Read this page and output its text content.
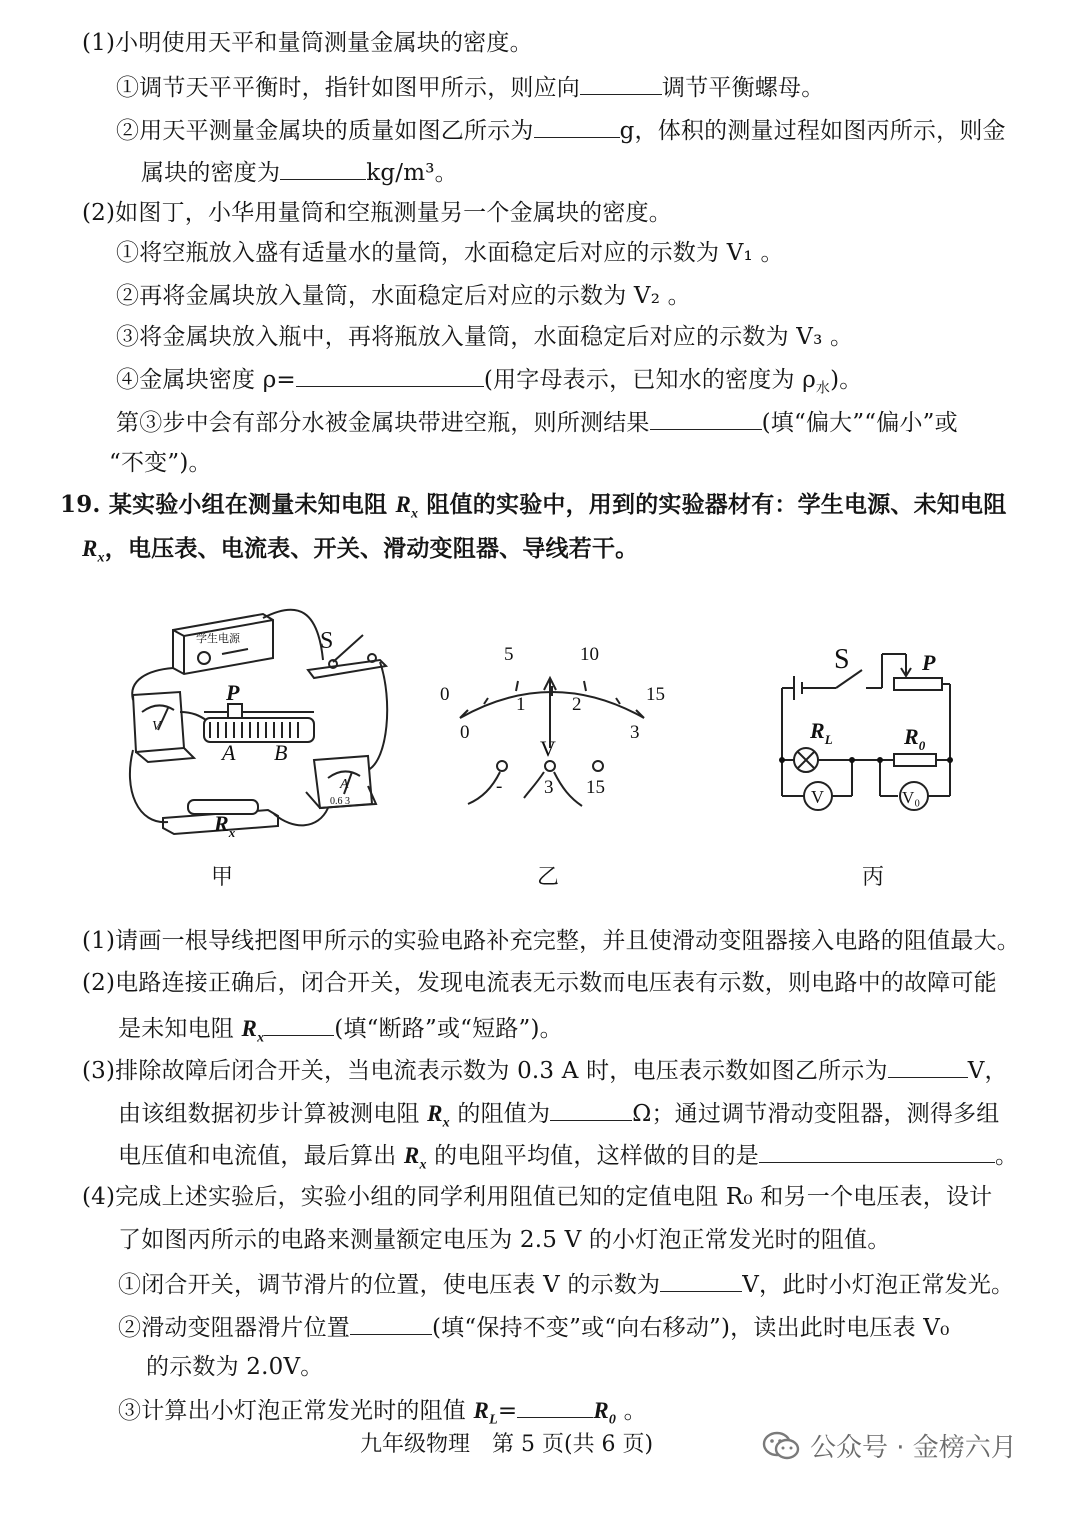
(1)小明使用天平和量筒测量金属块的密度。
①调节天平平衡时，指针如图甲所示，则应向	调节平衡螺母。
②用天平测量金属块的质量如图乙所示为	g，体积的测量过程如图丙所示，则金
属块的密度为	kg/m³。
(2)如图丁，小华用量筒和空瓶测量另一个金属块的密度。
①将空瓶放入盛有适量水的量筒，水面稳定后对应的示数为 V₁ 。
②再将金属块放入量筒，水面稳定后对应的示数为 V₂ 。
③将金属块放入瓶中，再将瓶放入量筒，水面稳定后对应的示数为 V₃ 。
④金属块密度 ρ=	(用字母表示，已知水的密度为 $\rho_水$)。
第③步中会有部分水被金属块带进空瓶，则所测结果	(填“偏大”“偏小”或
“不变”)。
19. 某实验小组在测量未知电阻 $R_x$ 阻值的实验中，用到的实验器材有：学生电源、未知电阻
$R_x$，电压表、电流表、开关、滑动变阻器、导线若干。
学生电源	S
P
A B
V
A
0.6 3
$R_x$
甲
0
5	10
15
0
1 2
3
V
- 3 15
乙
S	P
$R_L$	$R_0$
V	V₀
丙
(1)请画一根导线把图甲所示的实验电路补充完整，并且使滑动变阻器接入电路的阻值最大。
(2)电路连接正确后，闭合开关，发现电流表无示数而电压表有示数，则电路中的故障可能
是未知电阻 $R_x$	(填“断路”或“短路”)。
(3)排除故障后闭合开关，当电流表示数为 0.3 A 时，电压表示数如图乙所示为	V，
由该组数据初步计算被测电阻 $R_x$ 的阻值为	Ω；通过调节滑动变阻器，测得多组
电压值和电流值，最后算出 $R_x$ 的电阻平均值，这样做的目的是	。
(4)完成上述实验后，实验小组的同学利用阻值已知的定值电阻 R₀ 和另一个电压表，设计
了如图丙所示的电路来测量额定电压为 2.5 V 的小灯泡正常发光时的阻值。
①闭合开关，调节滑片的位置，使电压表 V 的示数为	V，此时小灯泡正常发光。
②滑动变阻器滑片位置	(填“保持不变”或“向右移动”)，读出此时电压表 V₀
的示数为 2.0V。
③计算出小灯泡正常发光时的阻值 $R_L=$	$R_0$ 。
九年级物理　第 5 页(共 6 页)	公众号 · 金榜六月
